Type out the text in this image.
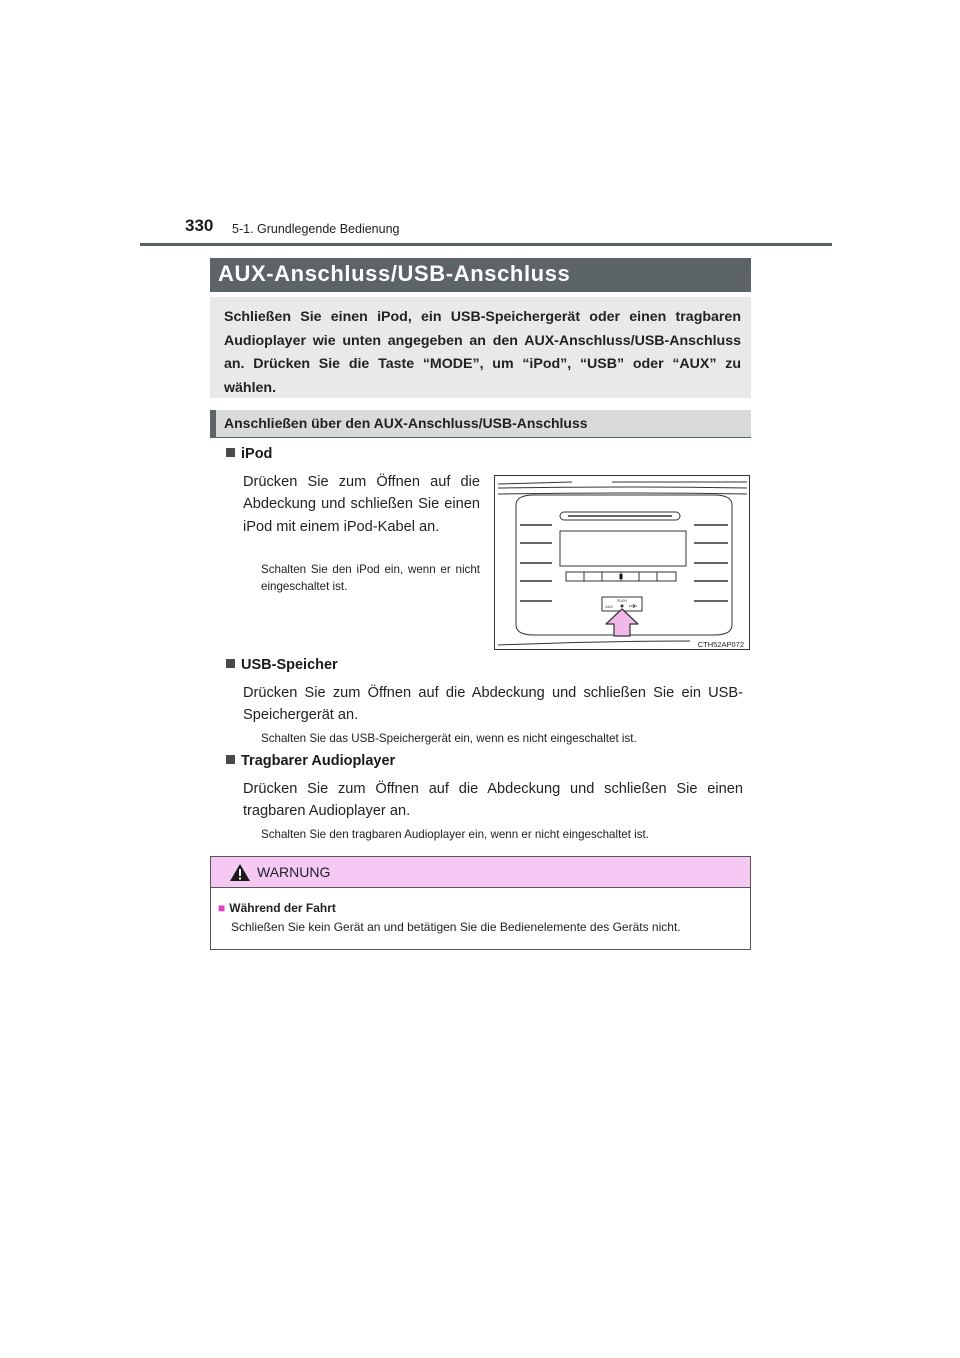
330 5-1. Grundlegende Bedienung
AUX-Anschluss/USB-Anschluss
Schließen Sie einen iPod, ein USB-Speichergerät oder einen tragbaren Audioplayer wie unten angegeben an den AUX-Anschluss/USB-Anschluss an. Drücken Sie die Taste “MODE”, um “iPod”, “USB” oder “AUX” zu wählen.
Anschließen über den AUX-Anschluss/USB-Anschluss
iPod
Drücken Sie zum Öffnen auf die Abdeckung und schließen Sie einen iPod mit einem iPod-Kabel an.
Schalten Sie den iPod ein, wenn er nicht eingeschaltet ist.
PUSH
AUX
CTH52AP072
USB-Speicher
Drücken Sie zum Öffnen auf die Abdeckung und schließen Sie ein USB-Speichergerät an.
Schalten Sie das USB-Speichergerät ein, wenn es nicht eingeschaltet ist.
Tragbarer Audioplayer
Drücken Sie zum Öffnen auf die Abdeckung und schließen Sie einen tragbaren Audioplayer an.
Schalten Sie den tragbaren Audioplayer ein, wenn er nicht eingeschaltet ist.
WARNUNG
■ Während der Fahrt
Schließen Sie kein Gerät an und betätigen Sie die Bedienelemente des Geräts nicht.
